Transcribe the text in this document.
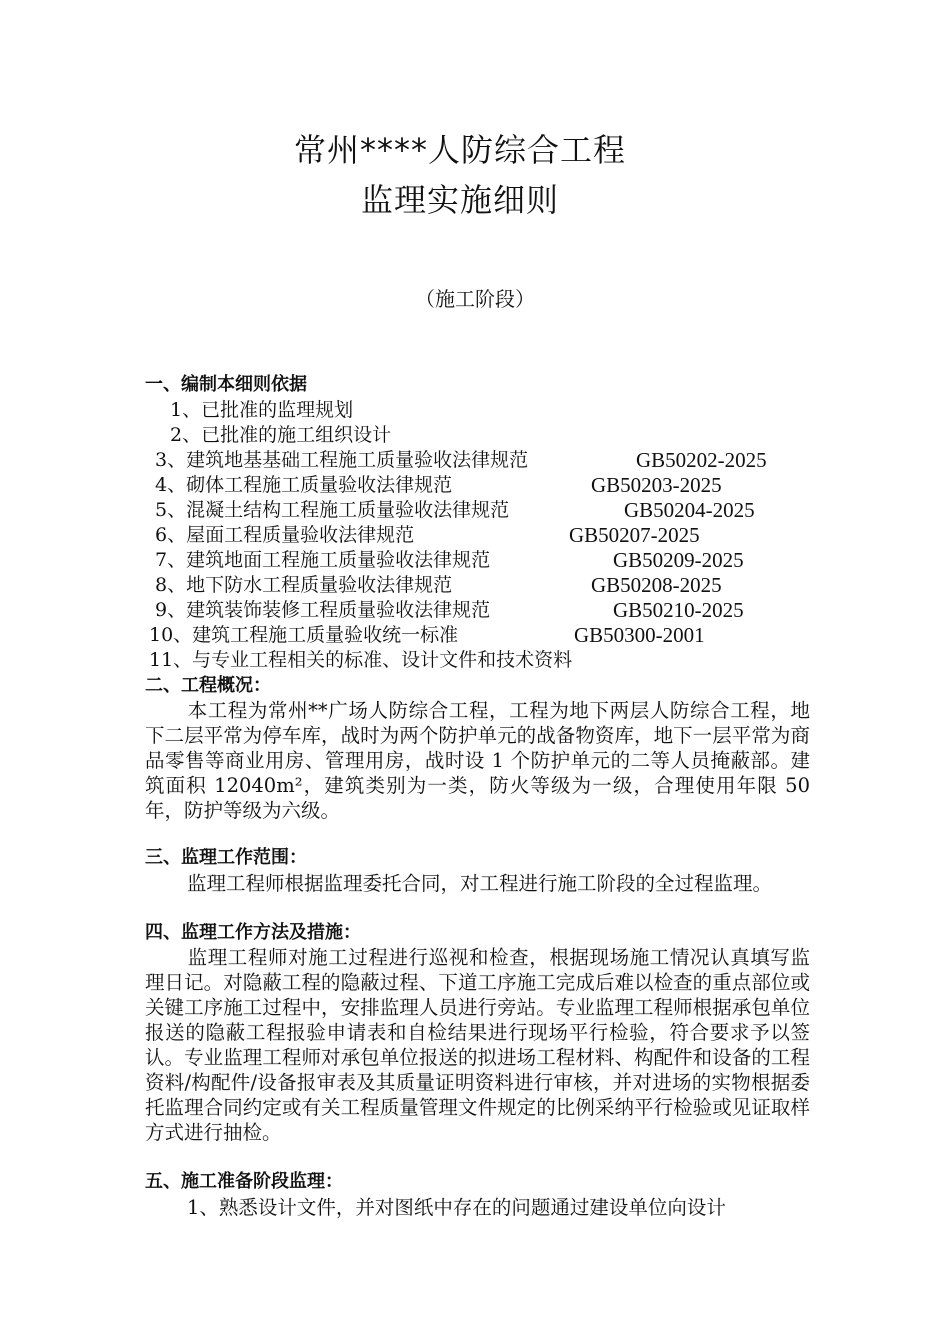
常州****人防综合工程
监理实施细则
（施工阶段）
一、编制本细则依据
1、已批准的监理规划
2、已批准的施工组织设计
3、建筑地基基础工程施工质量验收法律规范	GB50202-2025
4、砌体工程施工质量验收法律规范	GB50203-2025
5、混凝土结构工程施工质量验收法律规范	GB50204-2025
6、屋面工程质量验收法律规范	GB50207-2025
7、建筑地面工程施工质量验收法律规范	GB50209-2025
8、地下防水工程质量验收法律规范	GB50208-2025
9、建筑装饰装修工程质量验收法律规范	GB50210-2025
10、建筑工程施工质量验收统一标准	GB50300-2001
11、与专业工程相关的标准、设计文件和技术资料
二、工程概况：

本工程为常州**广场人防综合工程，工程为地下两层人防综合工程，地下二层平常为停车库，战时为两个防护单元的战备物资库，地下一层平常为商品零售等商业用房、管理用房，战时设 1 个防护单元的二等人员掩蔽部。建筑面积 12040m²，建筑类别为一类，防火等级为一级，合理使用年限 50 年，防护等级为六级。

三、监理工作范围：

监理工程师根据监理委托合同，对工程进行施工阶段的全过程监理。

四、监理工作方法及措施：

监理工程师对施工过程进行巡视和检查，根据现场施工情况认真填写监理日记。对隐蔽工程的隐蔽过程、下道工序施工完成后难以检查的重点部位或关键工序施工过程中，安排监理人员进行旁站。专业监理工程师根据承包单位报送的隐蔽工程报验申请表和自检结果进行现场平行检验，符合要求予以签认。专业监理工程师对承包单位报送的拟进场工程材料、构配件和设备的工程资料/构配件/设备报审表及其质量证明资料进行审核，并对进场的实物根据委托监理合同约定或有关工程质量管理文件规定的比例采纳平行检验或见证取样方式进行抽检。

五、施工准备阶段监理：

1、熟悉设计文件，并对图纸中存在的问题通过建设单位向设计
